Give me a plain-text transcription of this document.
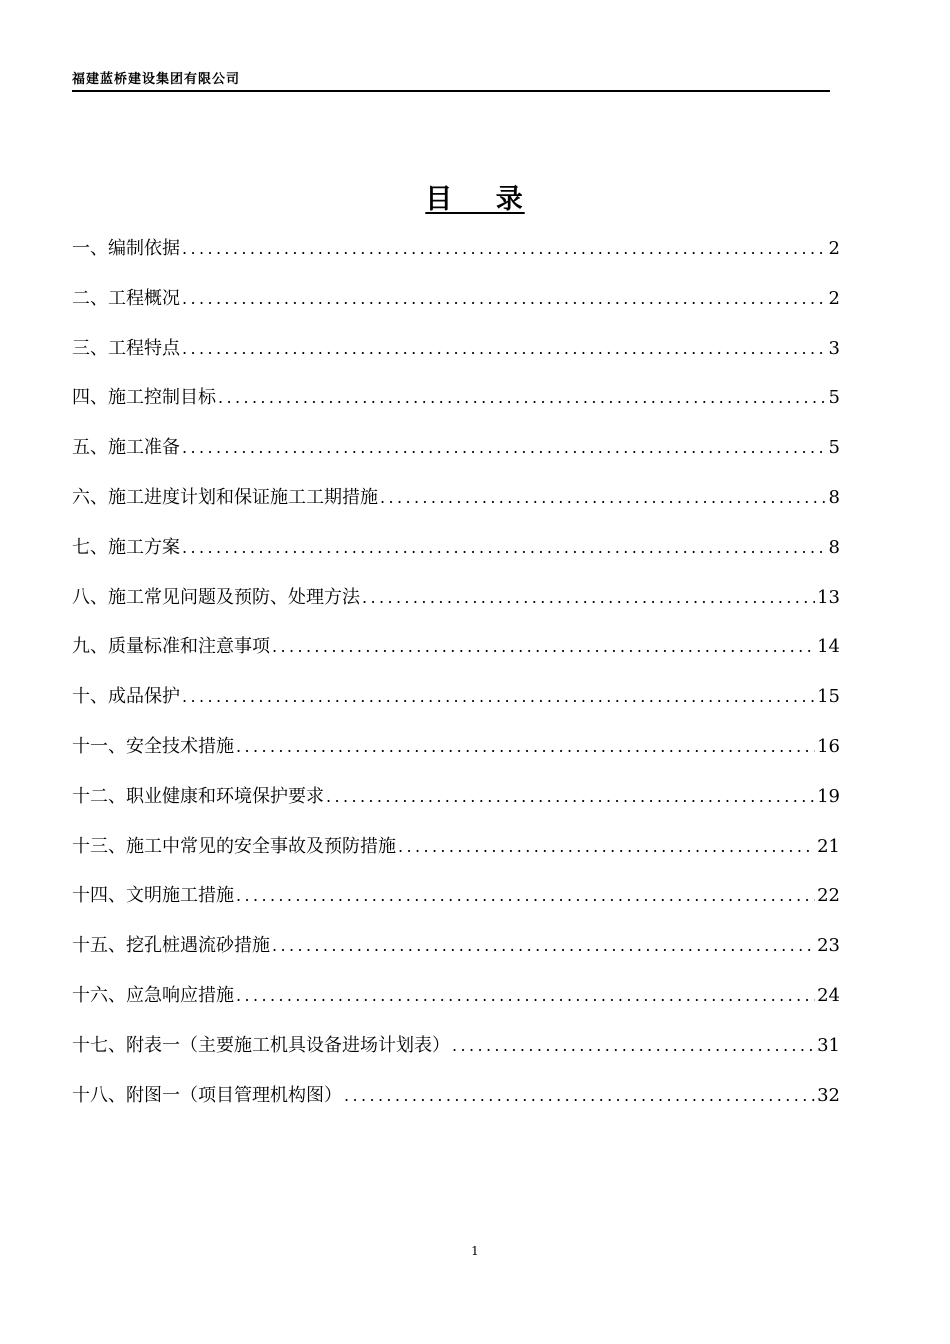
福建蓝桥建设集团有限公司
目 录
一、编制依据 .....	2
二、工程概况 .....	2
三、工程特点 .....	3
四、施工控制目标 .....	5
五、施工准备 .....	5
六、施工进度计划和保证施工工期措施 .....	8
七、施工方案 .....	8
八、施工常见问题及预防、处理方法 .....	13
九、质量标准和注意事项 .....	14
十、成品保护 .....	15
十一、安全技术措施 .....	16
十二、职业健康和环境保护要求 .....	19
十三、施工中常见的安全事故及预防措施 .....	21
十四、文明施工措施 .....	22
十五、挖孔桩遇流砂措施 .....	23
十六、应急响应措施 .....	24
十七、附表一（主要施工机具设备进场计划表） .....	31
十八、附图一（项目管理机构图） .....	32
1
